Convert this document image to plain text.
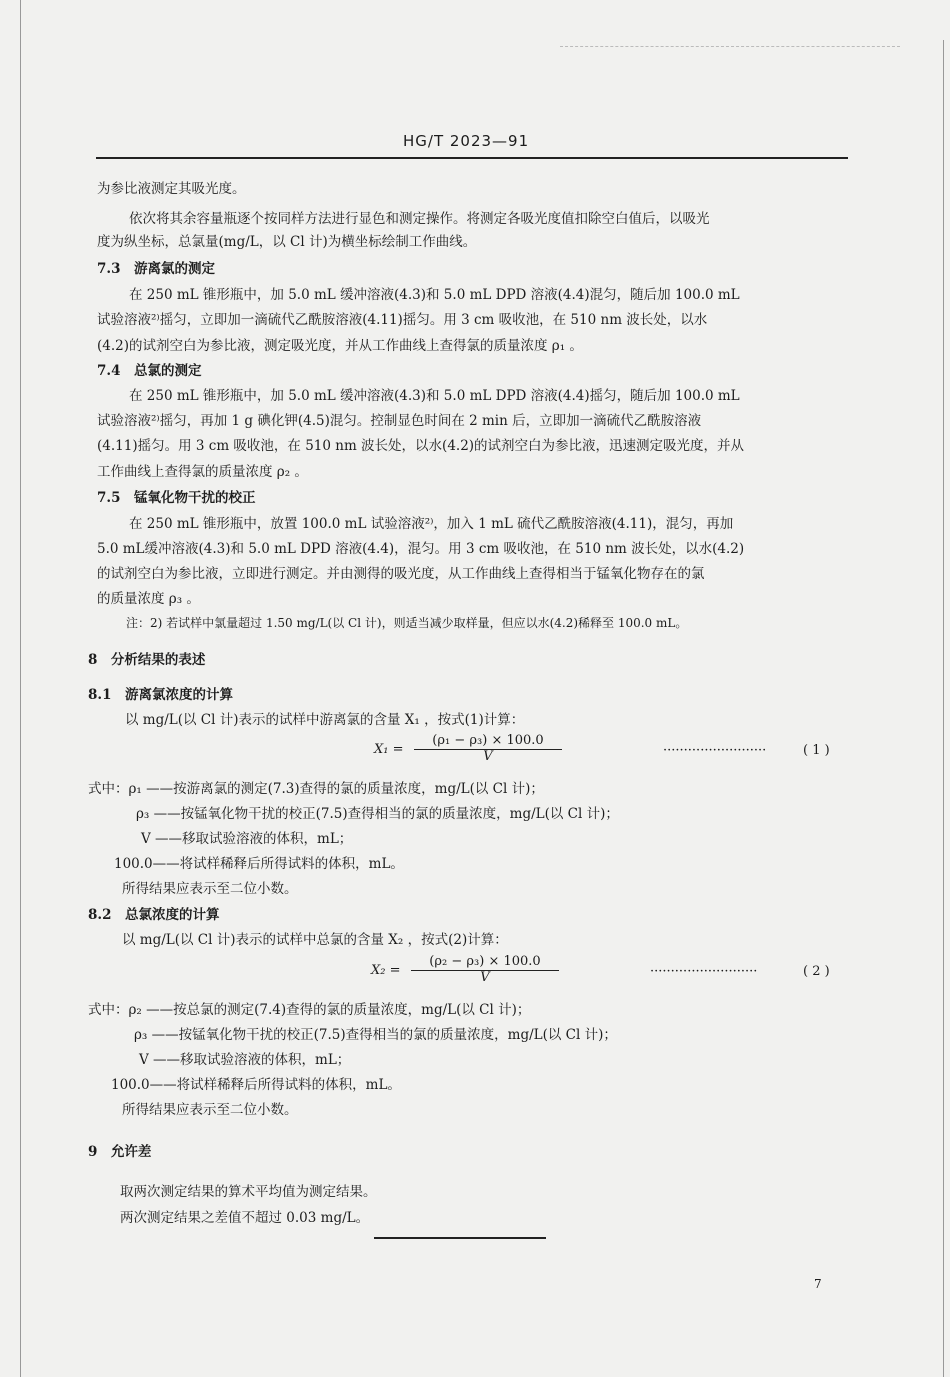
HG/T 2023—91
为参比液测定其吸光度。
依次将其余容量瓶逐个按同样方法进行显色和测定操作。将测定各吸光度值扣除空白值后，以吸光
度为纵坐标，总氯量(mg/L，以 Cl 计)为横坐标绘制工作曲线。
7.3　游离氯的测定
在 250 mL 锥形瓶中，加 5.0 mL 缓冲溶液(4.3)和 5.0 mL DPD 溶液(4.4)混匀，随后加 100.0 mL
试验溶液²⁾摇匀，立即加一滴硫代乙酰胺溶液(4.11)摇匀。用 3 cm 吸收池，在 510 nm 波长处，以水
(4.2)的试剂空白为参比液，测定吸光度，并从工作曲线上查得氯的质量浓度 ρ₁ 。
7.4　总氯的测定
在 250 mL 锥形瓶中，加 5.0 mL 缓冲溶液(4.3)和 5.0 mL DPD 溶液(4.4)摇匀，随后加 100.0 mL
试验溶液²⁾摇匀，再加 1 g 碘化钾(4.5)混匀。控制显色时间在 2 min 后，立即加一滴硫代乙酰胺溶液
(4.11)摇匀。用 3 cm 吸收池，在 510 nm 波长处，以水(4.2)的试剂空白为参比液，迅速测定吸光度，并从
工作曲线上查得氯的质量浓度 ρ₂ 。
7.5　锰氧化物干扰的校正
在 250 mL 锥形瓶中，放置 100.0 mL 试验溶液²⁾，加入 1 mL 硫代乙酰胺溶液(4.11)，混匀，再加
5.0 mL缓冲溶液(4.3)和 5.0 mL DPD 溶液(4.4)，混匀。用 3 cm 吸收池，在 510 nm 波长处，以水(4.2)
的试剂空白为参比液，立即进行测定。并由测得的吸光度，从工作曲线上查得相当于锰氧化物存在的氯
的质量浓度 ρ₃ 。
注：2) 若试样中氯量超过 1.50 mg/L(以 Cl 计)，则适当减少取样量，但应以水(4.2)稀释至 100.0 mL。
8　分析结果的表述
8.1　游离氯浓度的计算
以 mg/L(以 Cl 计)表示的试样中游离氯的含量 X₁ ，按式(1)计算：
$X_1 = \frac{\text{(ρ₁ − ρ₃) × 100.0}}{V}$	·························	( 1 )
式中：ρ₁ ——按游离氯的测定(7.3)查得的氯的质量浓度，mg/L(以 Cl 计)；
ρ₃ ——按锰氧化物干扰的校正(7.5)查得相当的氯的质量浓度，mg/L(以 Cl 计)；
V ——移取试验溶液的体积，mL；
100.0——将试样稀释后所得试料的体积，mL。
所得结果应表示至二位小数。
8.2　总氯浓度的计算
以 mg/L(以 Cl 计)表示的试样中总氯的含量 X₂ ，按式(2)计算：
$X_2 = \frac{\text{(ρ₂ − ρ₃) × 100.0}}{V}$	··························	( 2 )
式中：ρ₂ ——按总氯的测定(7.4)查得的氯的质量浓度，mg/L(以 Cl 计)；
ρ₃ ——按锰氧化物干扰的校正(7.5)查得相当的氯的质量浓度，mg/L(以 Cl 计)；
V ——移取试验溶液的体积，mL；
100.0——将试样稀释后所得试料的体积，mL。
所得结果应表示至二位小数。
9　允许差
取两次测定结果的算术平均值为测定结果。
两次测定结果之差值不超过 0.03 mg/L。
7
